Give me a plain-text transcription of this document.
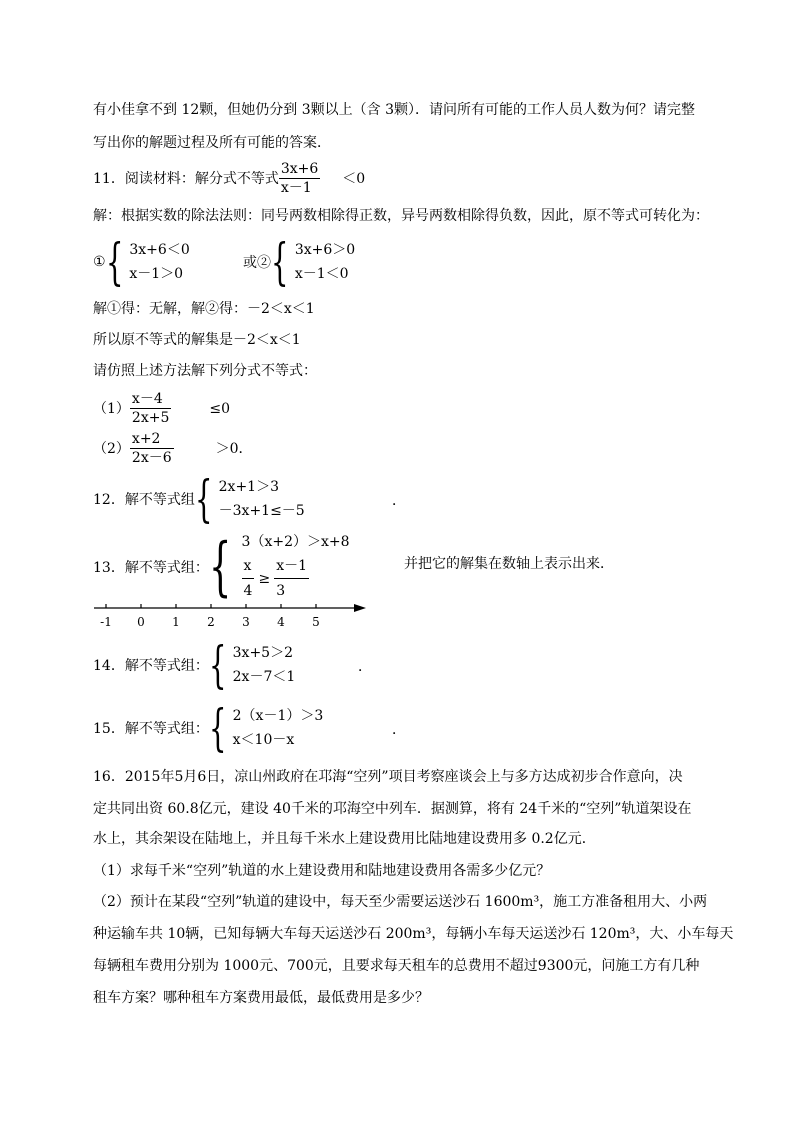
有小佳拿不到 12颗，但她仍分到 3颗以上（含 3颗）．请问所有可能的工作人员人数为何？请完整
写出你的解题过程及所有可能的答案．
11．阅读材料：解分式不等式 $\frac{3x+6}{x-1} <0$
解：根据实数的除法法则：同号两数相除得正数，异号两数相除得负数，因此，原不等式可转化为：
① { 3x+6＜0
x－1＞0
或② { 3x+6＞0
x－1＜0
解①得：无解，解②得：－2＜x＜1
所以原不等式的解集是－2＜x＜1
请仿照上述方法解下列分式不等式：
$(1) \frac{x-4}{2x+5}$	≤0
$(2) \frac{x+2}{2x-6}$	＞0．
12．解不等式组 { 2x+1＞3
－3x+1≤－5
．
13．解不等式组： { 3（x+2）＞x+8
$\frac{x}{4} \ge \frac{x-1}{3}$	并把它的解集在数轴上表示出来．
-1 0 1 2 3 4 5
14．解不等式组： { 3x+5＞2
2x－7＜1
．
15．解不等式组： { 2（x－1）＞3
x＜10－x
．
16．2015年5月6日，凉山州政府在邛海“空列”项目考察座谈会上与多方达成初步合作意向，决
定共同出资 60.8亿元，建设 40千米的邛海空中列车．据测算，将有 24千米的“空列”轨道架设在
水上，其余架设在陆地上，并且每千米水上建设费用比陆地建设费用多 0.2亿元．
（1）求每千米“空列”轨道的水上建设费用和陆地建设费用各需多少亿元？
（2）预计在某段“空列”轨道的建设中，每天至少需要运送沙石 1600m³，施工方准备租用大、小两
种运输车共 10辆，已知每辆大车每天运送沙石 200m³，每辆小车每天运送沙石 120m³，大、小车每天
每辆租车费用分别为 1000元、700元，且要求每天租车的总费用不超过9300元，问施工方有几种
租车方案？哪种租车方案费用最低，最低费用是多少？
